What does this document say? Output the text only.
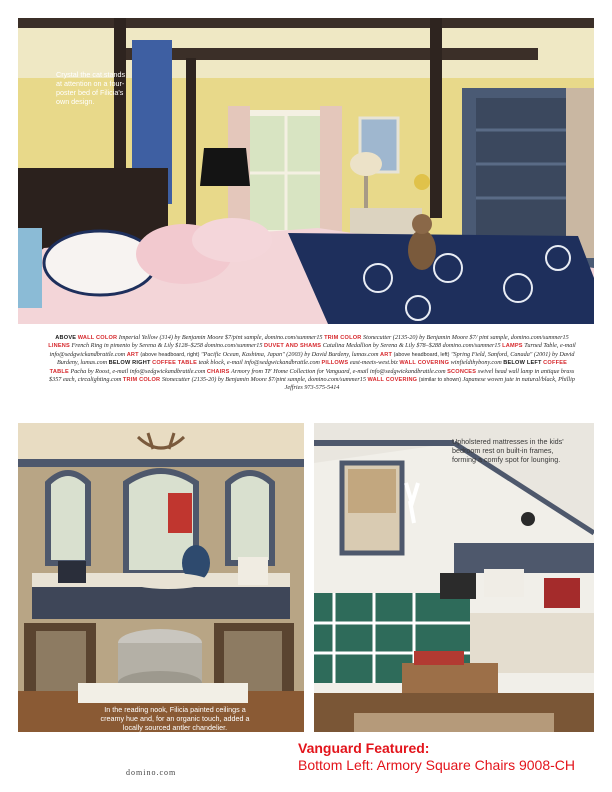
Crystal the cat stands at attention on a four-poster bed of Filicia's own design.
ABOVE WALL COLOR Imperial Yellow (314) by Benjamin Moore $7/pint sample, domino.com/summer15 TRIM COLOR Stonecutter (2135-20) by Benjamin Moore $7/ pint sample, domino.com/summer15 LINENS French Ring in pimento by Serena & Lily $128–$258 domino.com/summer15 DUVET AND SHAMS Catalina Medallion by Serena & Lily $78–$288 domino.com/summer15 LAMPS Turned Table, e-mail info@sedgwickandbrattle.com ART (above headboard, right) "Pacific Ocean, Kashima, Japan" (2003) by David Burdeny, lumas.com ART (above headboard, left) "Spring Field, Sanford, Canada" (2001) by David Burdeny, lumas.com BELOW RIGHT COFFEE TABLE teak block, e-mail info@sedgwickandbrattle.com PILLOWS east-meets-west.biz WALL COVERING winfieldthybony.com BELOW LEFT COFFEE TABLE Pacha by Roost, e-mail info@sedgwickandbrattle.com CHAIRS Armory from TF Home Collection for Vanguard, e-mail info@sedgwickandbrattle.com SCONCES swivel head wall lamp in antique brass $357 each, circalighting.com TRIM COLOR Stonecutter (2135-20) by Benjamin Moore $7/pint sample, domino.com/summer15 WALL COVERING (similar to shown) Japanese woven jute in natural/black, Phillip Jeffries 973-575-5414
In the reading nook, Filicia painted ceilings a creamy hue and, for an organic touch, added a locally sourced antler chandelier.
Upholstered mattresses in the kids' bedroom rest on built-in frames, forming a comfy spot for lounging.
domino.com
Vanguard Featured:
Bottom Left: Armory Square Chairs 9008-CH
